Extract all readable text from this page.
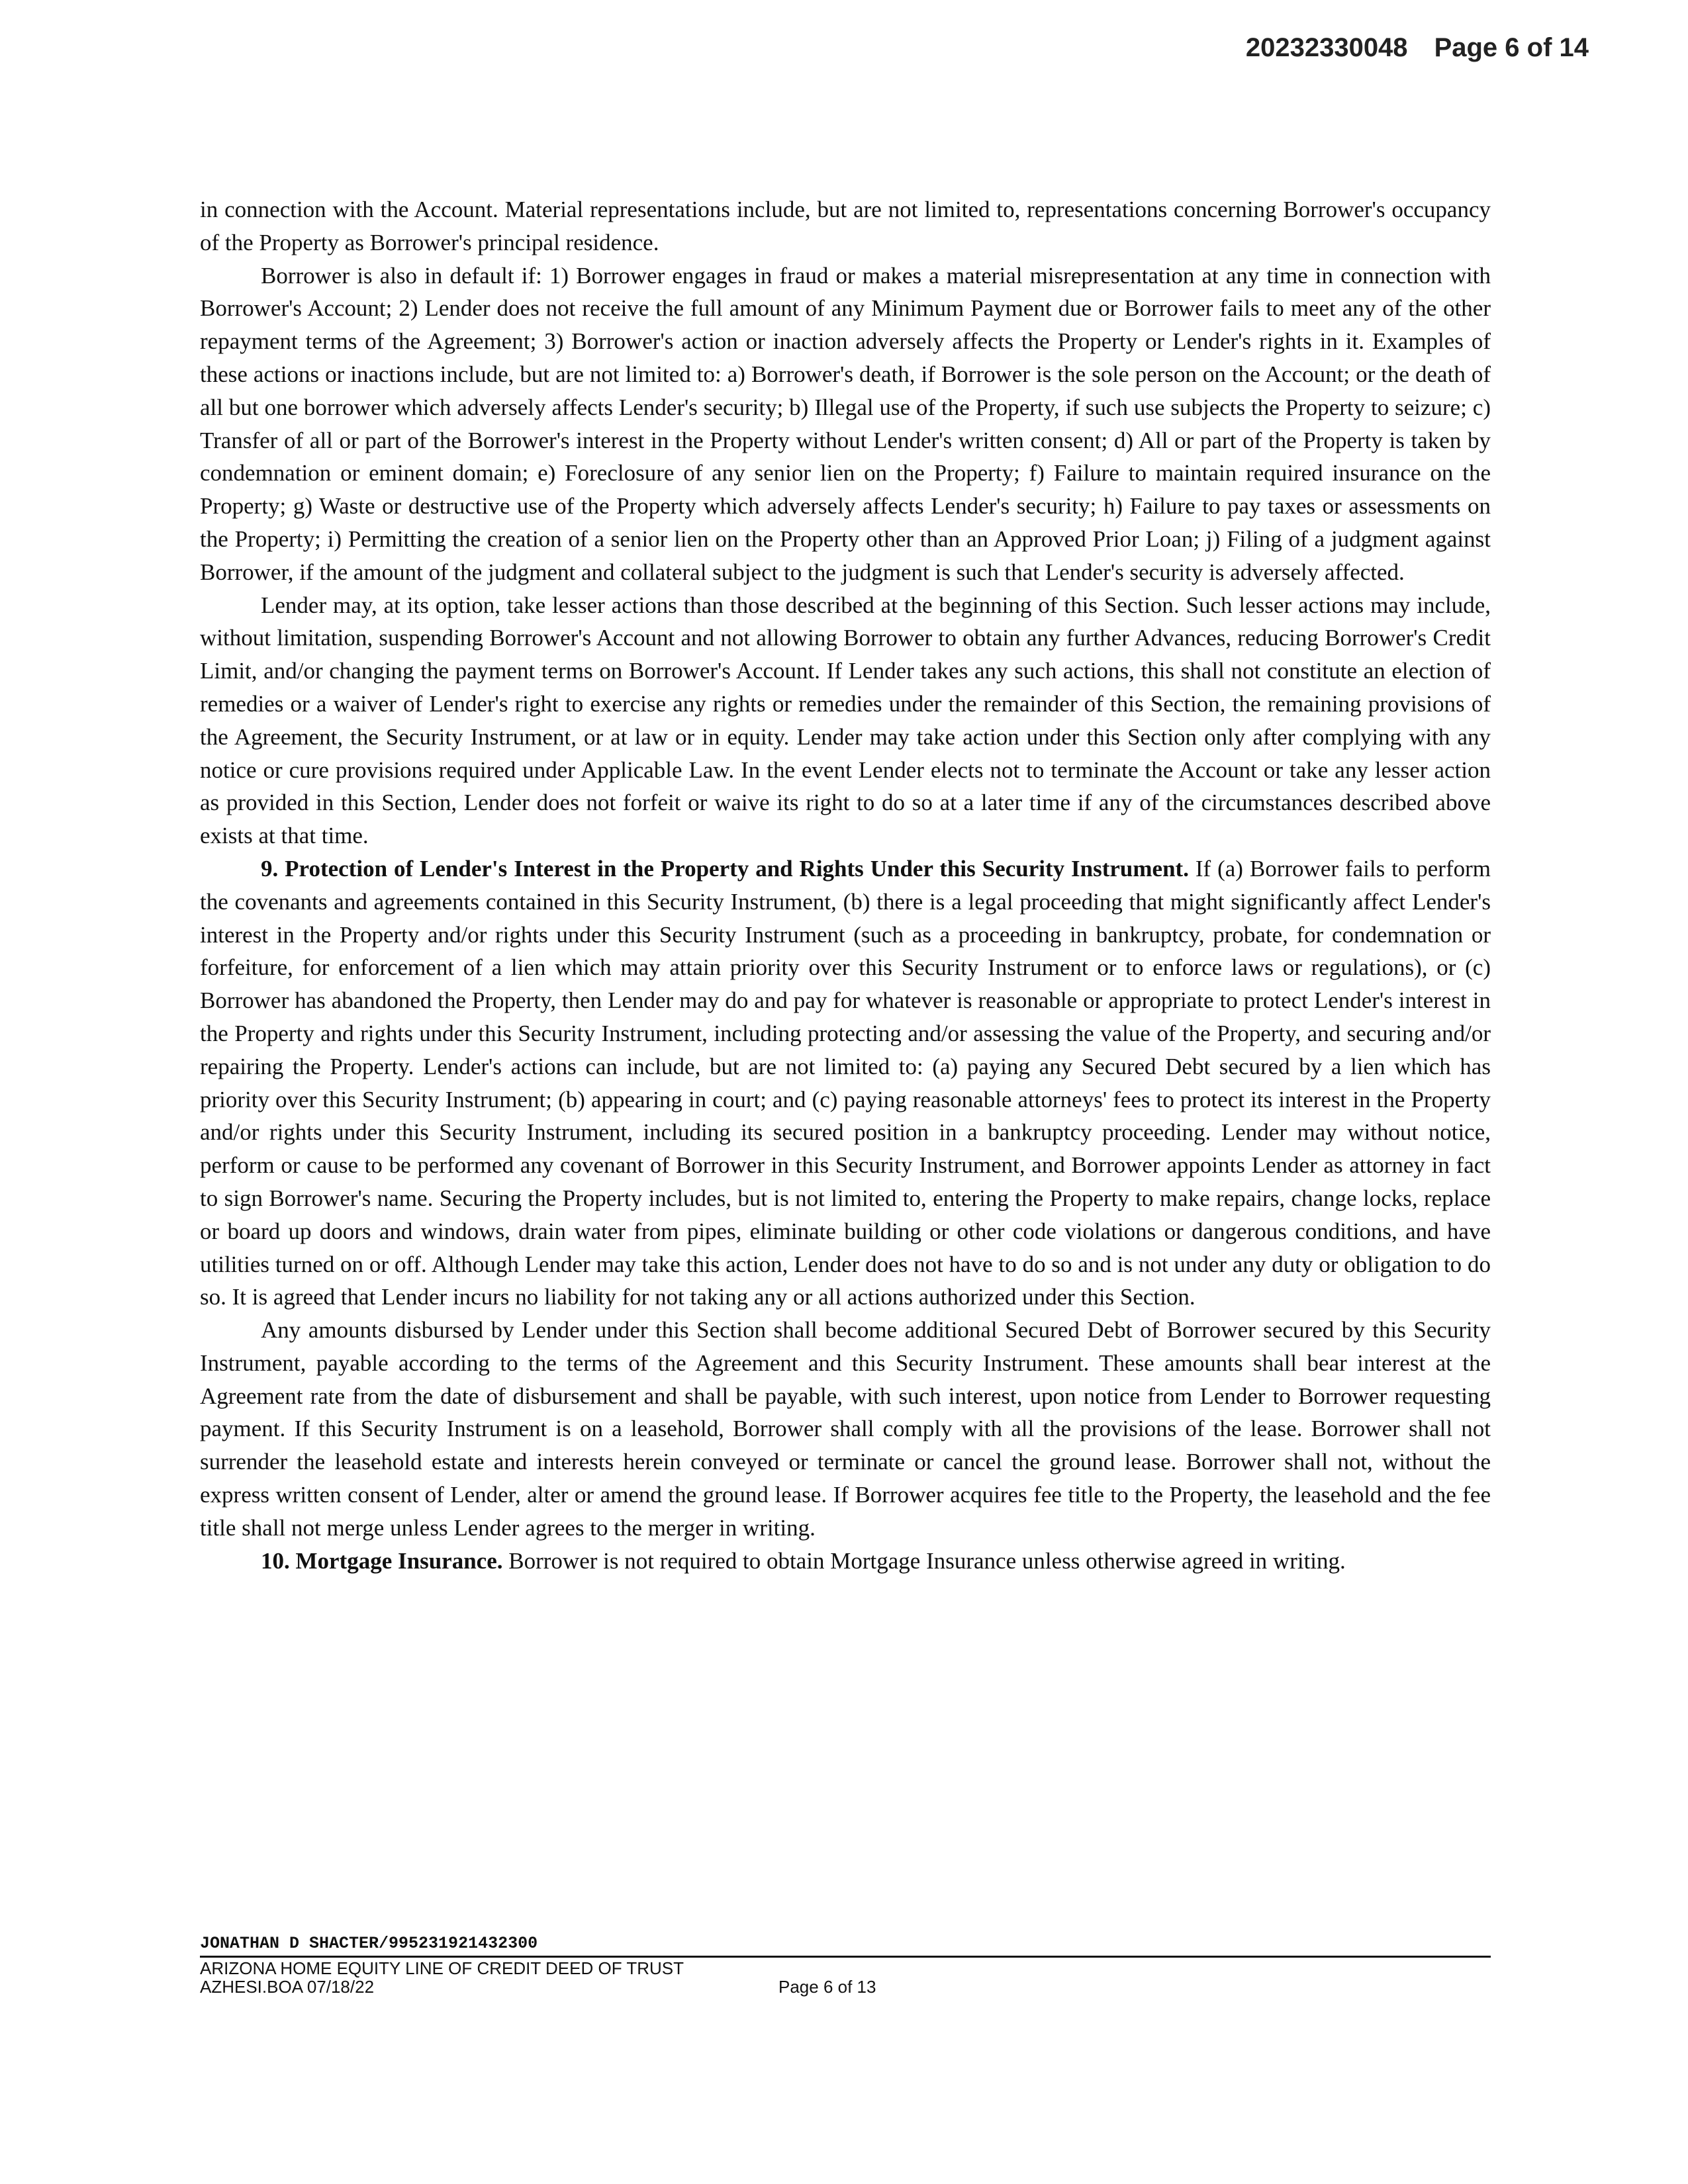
20232330048 Page 6 of 14

in connection with the Account. Material representations include, but are not limited to, representations concerning Borrower's occupancy of the Property as Borrower's principal residence.

Borrower is also in default if: 1) Borrower engages in fraud or makes a material misrepresentation at any time in connection with Borrower's Account; 2) Lender does not receive the full amount of any Minimum Payment due or Borrower fails to meet any of the other repayment terms of the Agreement; 3) Borrower's action or inaction adversely affects the Property or Lender's rights in it. Examples of these actions or inactions include, but are not limited to: a) Borrower's death, if Borrower is the sole person on the Account; or the death of all but one borrower which adversely affects Lender's security; b) Illegal use of the Property, if such use subjects the Property to seizure; c) Transfer of all or part of the Borrower's interest in the Property without Lender's written consent; d) All or part of the Property is taken by condemnation or eminent domain; e) Foreclosure of any senior lien on the Property; f) Failure to maintain required insurance on the Property; g) Waste or destructive use of the Property which adversely affects Lender's security; h) Failure to pay taxes or assessments on the Property; i) Permitting the creation of a senior lien on the Property other than an Approved Prior Loan; j) Filing of a judgment against Borrower, if the amount of the judgment and collateral subject to the judgment is such that Lender's security is adversely affected.

Lender may, at its option, take lesser actions than those described at the beginning of this Section. Such lesser actions may include, without limitation, suspending Borrower's Account and not allowing Borrower to obtain any further Advances, reducing Borrower's Credit Limit, and/or changing the payment terms on Borrower's Account. If Lender takes any such actions, this shall not constitute an election of remedies or a waiver of Lender's right to exercise any rights or remedies under the remainder of this Section, the remaining provisions of the Agreement, the Security Instrument, or at law or in equity. Lender may take action under this Section only after complying with any notice or cure provisions required under Applicable Law. In the event Lender elects not to terminate the Account or take any lesser action as provided in this Section, Lender does not forfeit or waive its right to do so at a later time if any of the circumstances described above exists at that time.

9. Protection of Lender's Interest in the Property and Rights Under this Security Instrument. If (a) Borrower fails to perform the covenants and agreements contained in this Security Instrument, (b) there is a legal proceeding that might significantly affect Lender's interest in the Property and/or rights under this Security Instrument (such as a proceeding in bankruptcy, probate, for condemnation or forfeiture, for enforcement of a lien which may attain priority over this Security Instrument or to enforce laws or regulations), or (c) Borrower has abandoned the Property, then Lender may do and pay for whatever is reasonable or appropriate to protect Lender's interest in the Property and rights under this Security Instrument, including protecting and/or assessing the value of the Property, and securing and/or repairing the Property. Lender's actions can include, but are not limited to: (a) paying any Secured Debt secured by a lien which has priority over this Security Instrument; (b) appearing in court; and (c) paying reasonable attorneys' fees to protect its interest in the Property and/or rights under this Security Instrument, including its secured position in a bankruptcy proceeding. Lender may without notice, perform or cause to be performed any covenant of Borrower in this Security Instrument, and Borrower appoints Lender as attorney in fact to sign Borrower's name. Securing the Property includes, but is not limited to, entering the Property to make repairs, change locks, replace or board up doors and windows, drain water from pipes, eliminate building or other code violations or dangerous conditions, and have utilities turned on or off. Although Lender may take this action, Lender does not have to do so and is not under any duty or obligation to do so. It is agreed that Lender incurs no liability for not taking any or all actions authorized under this Section.

Any amounts disbursed by Lender under this Section shall become additional Secured Debt of Borrower secured by this Security Instrument, payable according to the terms of the Agreement and this Security Instrument. These amounts shall bear interest at the Agreement rate from the date of disbursement and shall be payable, with such interest, upon notice from Lender to Borrower requesting payment. If this Security Instrument is on a leasehold, Borrower shall comply with all the provisions of the lease. Borrower shall not surrender the leasehold estate and interests herein conveyed or terminate or cancel the ground lease. Borrower shall not, without the express written consent of Lender, alter or amend the ground lease. If Borrower acquires fee title to the Property, the leasehold and the fee title shall not merge unless Lender agrees to the merger in writing.

10. Mortgage Insurance. Borrower is not required to obtain Mortgage Insurance unless otherwise agreed in writing.

JONATHAN D SHACTER/995231921432300
ARIZONA HOME EQUITY LINE OF CREDIT DEED OF TRUST
AZHESI.BOA 07/18/22	Page 6 of 13
